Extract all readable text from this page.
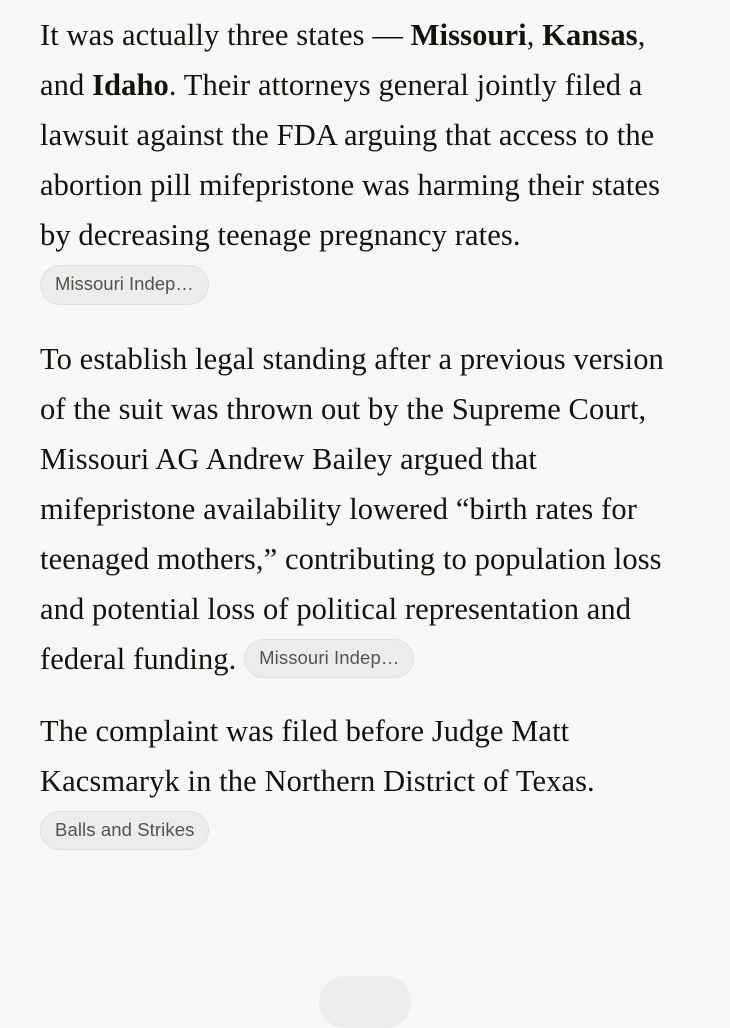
It was actually three states — Missouri, Kansas, and Idaho. Their attorneys general jointly filed a lawsuit against the FDA arguing that access to the abortion pill mifepristone was harming their states by decreasing teenage pregnancy rates.

Missouri Indep…

To establish legal standing after a previous version of the suit was thrown out by the Supreme Court, Missouri AG Andrew Bailey argued that mifepristone availability lowered “birth rates for teenaged mothers,” contributing to population loss and potential loss of political representation and federal funding. Missouri Indep…

The complaint was filed before Judge Matt Kacsmaryk in the Northern District of Texas. Balls and Strikes
